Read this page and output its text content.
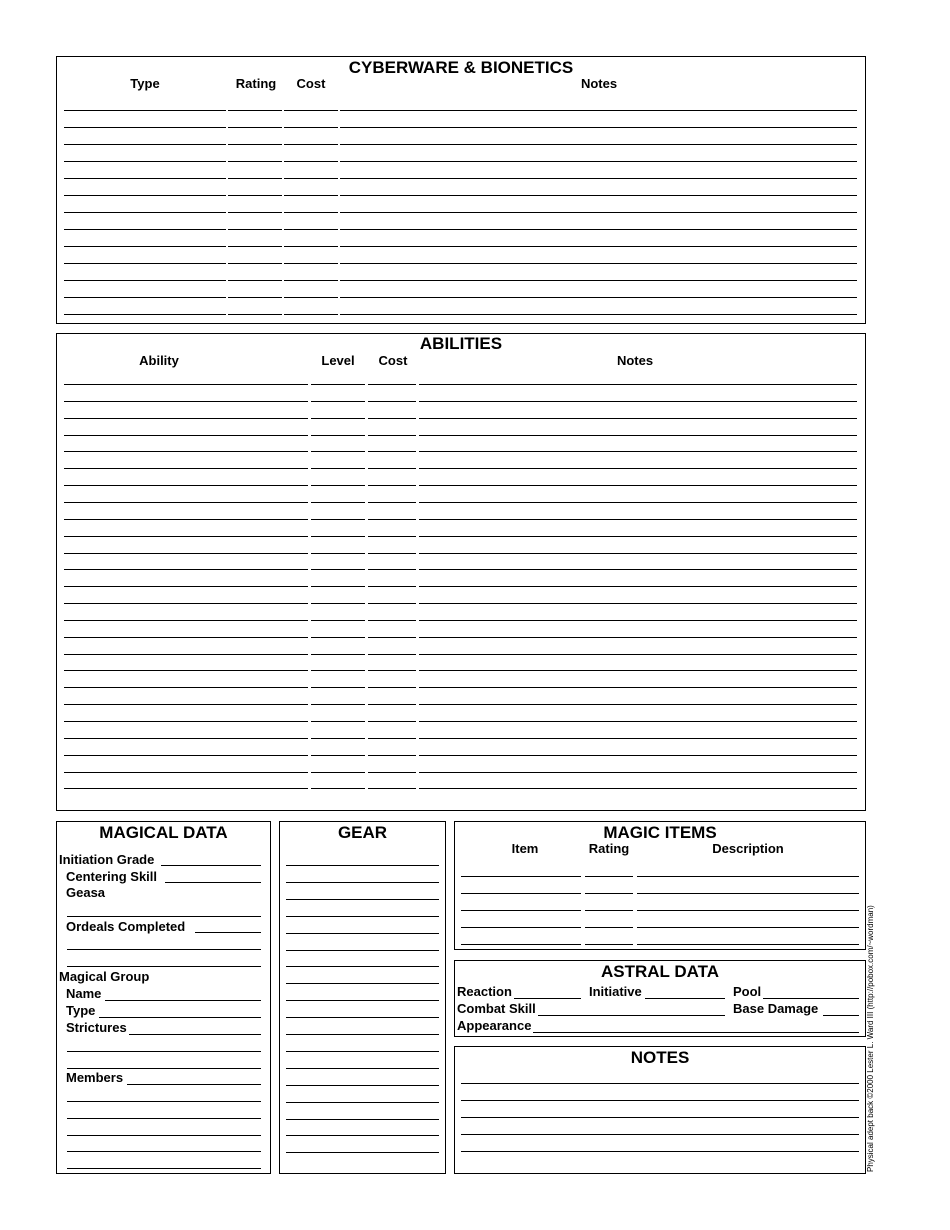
CYBERWARE & BIONETICS
Type	Rating	Cost	Notes
ABILITIES
Ability	Level	Cost	Notes
MAGICAL DATA
Initiation Grade
Centering Skill
Geasa
Ordeals Completed
Magical Group
Name
Type
Strictures
Members
GEAR	MAGIC ITEMS
Item	Rating	Description
ASTRAL DATA
Reaction	Initiative	Pool
Combat Skill	Base Damage
Appearance
NOTES	Physical adept back ©2000 Lester L. Ward III (http://pobox.com/~wordman)
